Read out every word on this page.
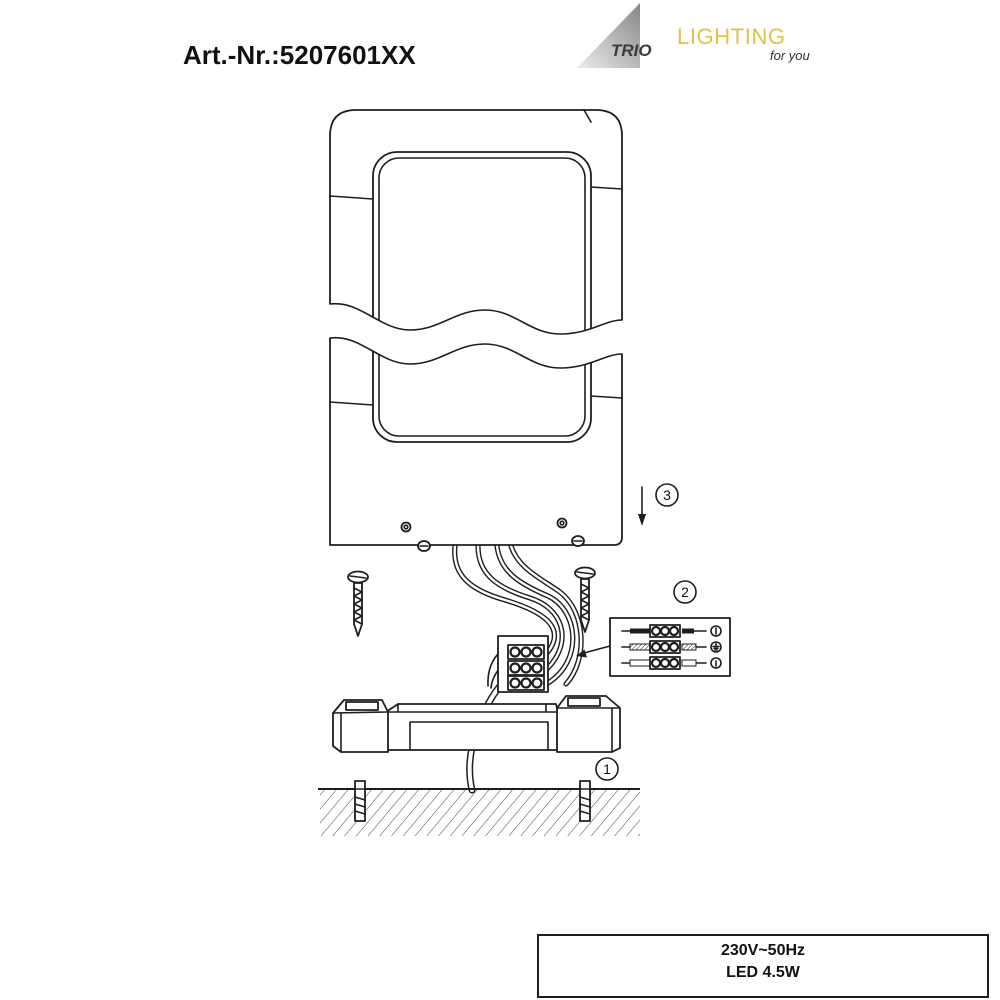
Art.-Nr.:5207601XX	TRIO
LIGHTING
for you
3
2
1
230V~50Hz
LED 4.5W
